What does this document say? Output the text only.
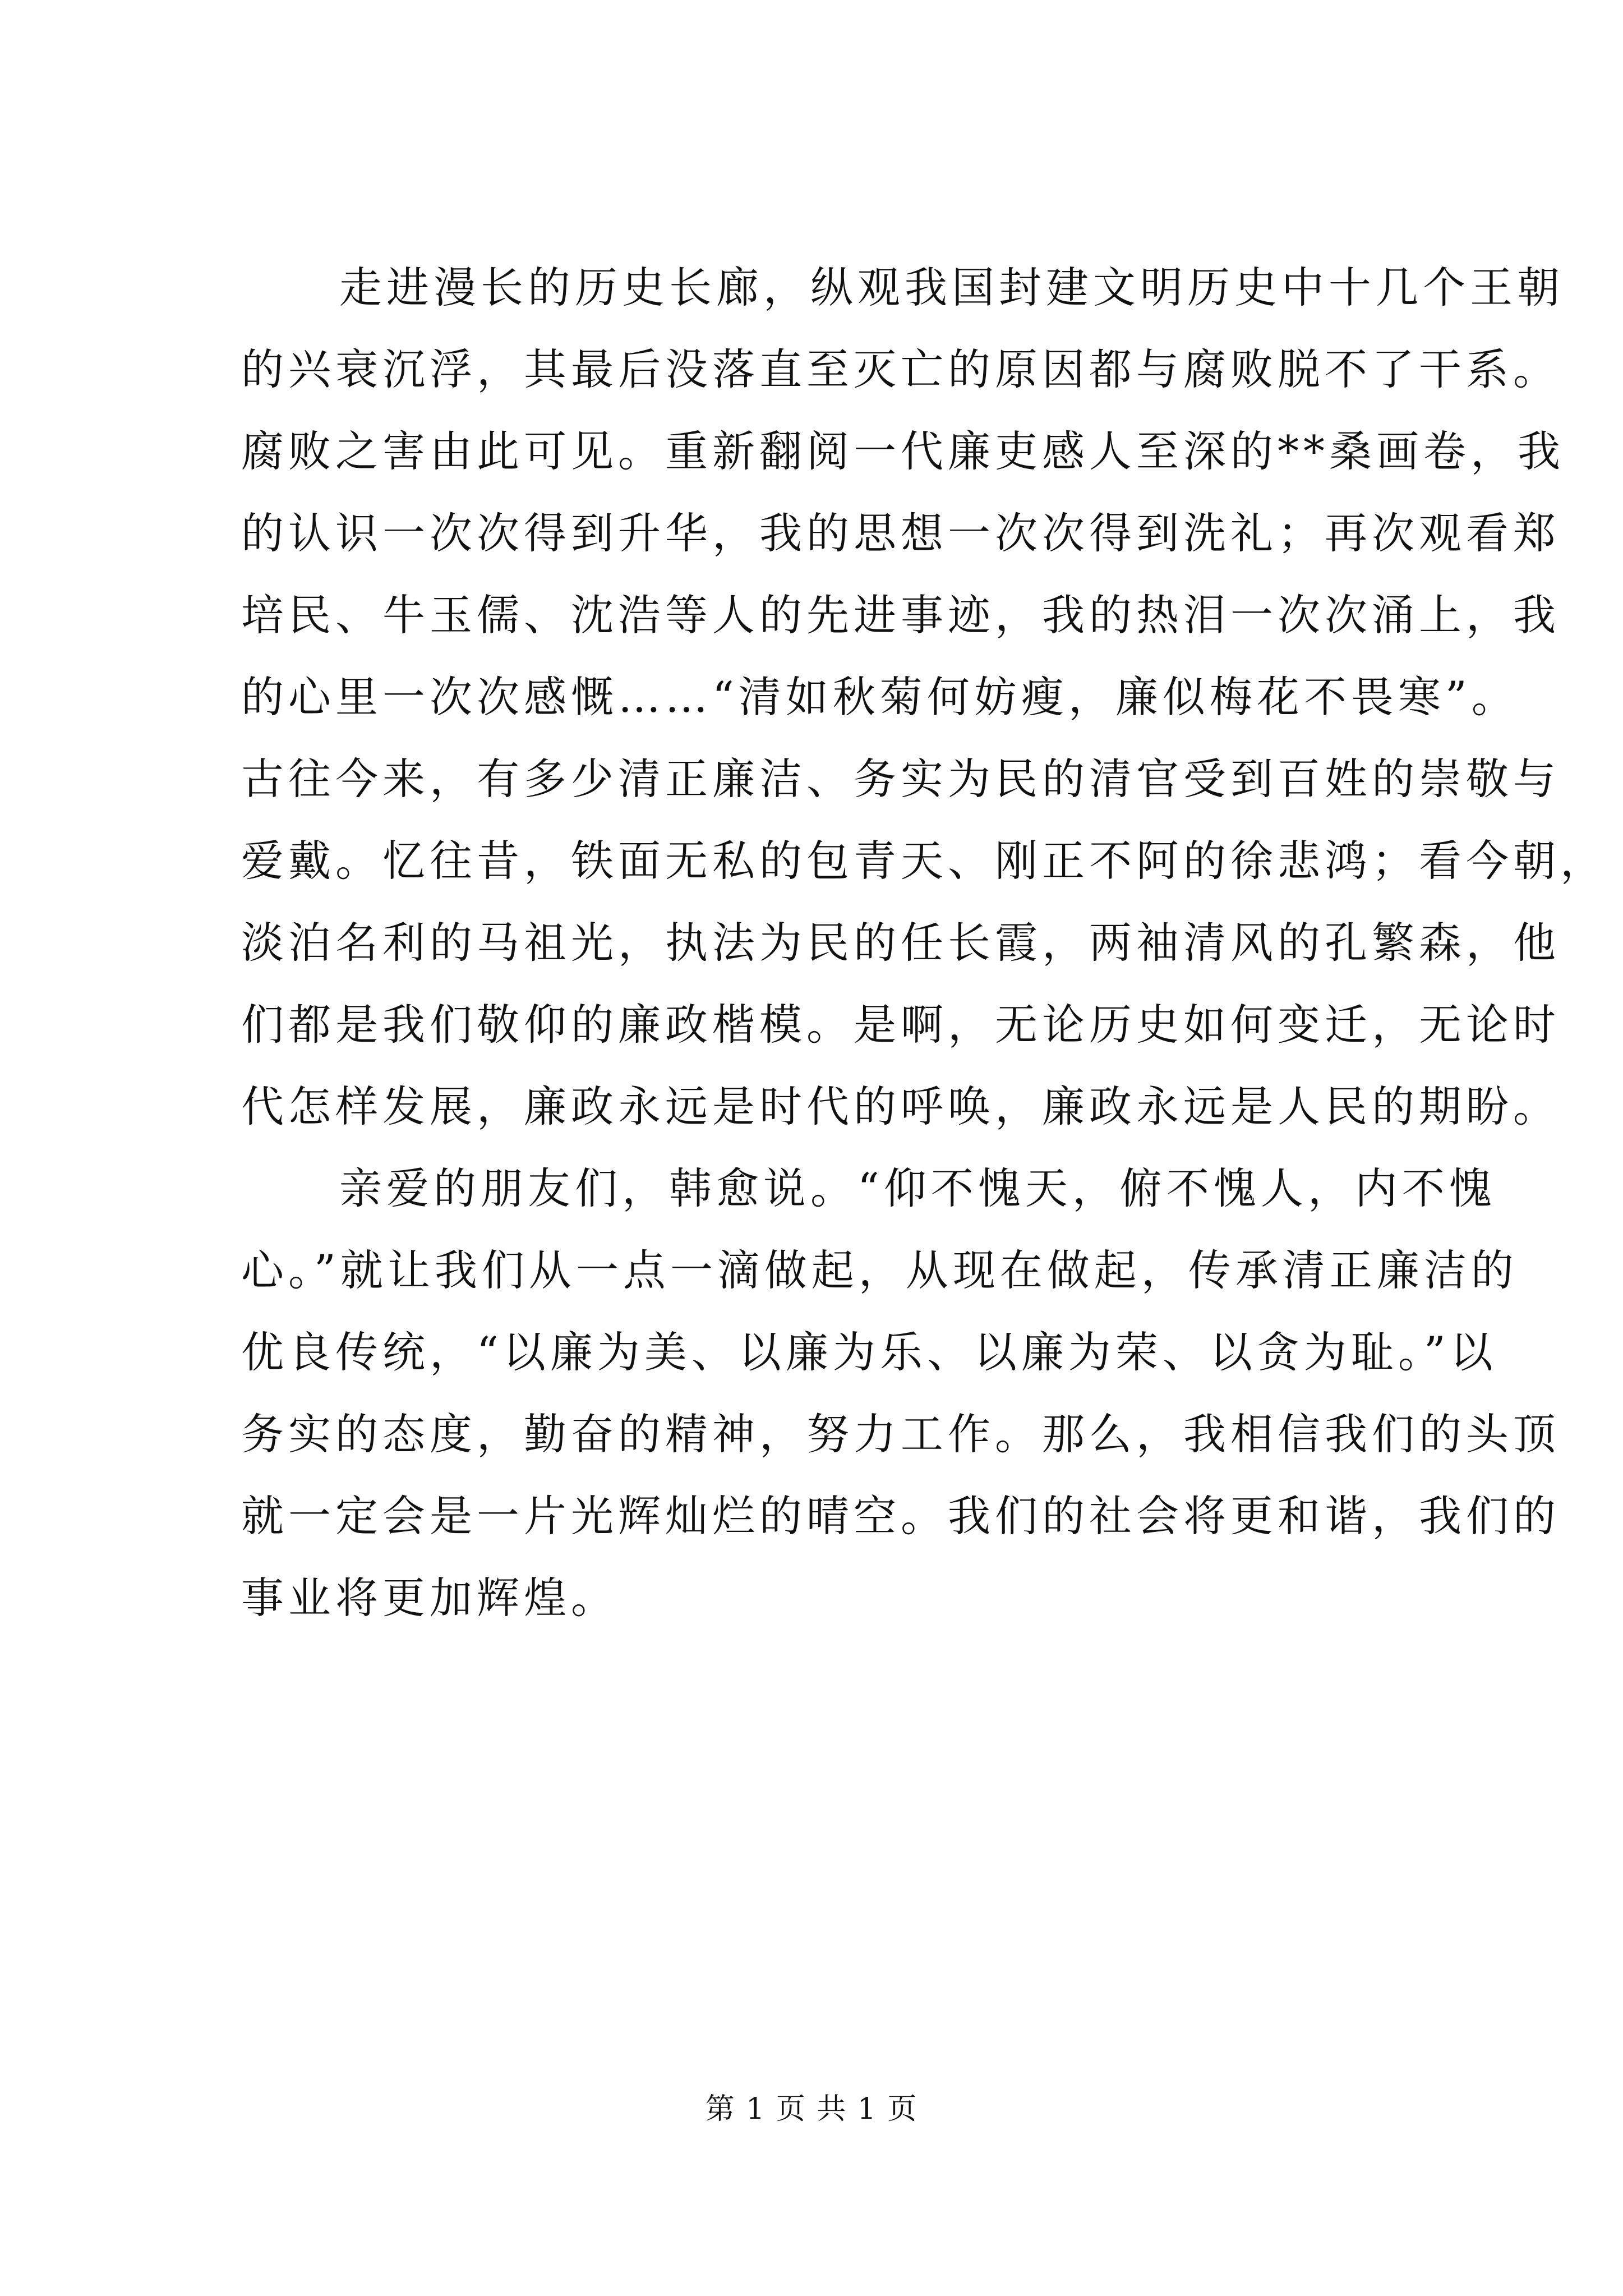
走进漫长的历史长廊，纵观我国封建文明历史中十几个王朝
的兴衰沉浮，其最后没落直至灭亡的原因都与腐败脱不了干系。
腐败之害由此可见。重新翻阅一代廉吏感人至深的**桑画卷，我
的认识一次次得到升华，我的思想一次次得到洗礼；再次观看郑
培民、牛玉儒、沈浩等人的先进事迹，我的热泪一次次涌上，我
的心里一次次感慨……“清如秋菊何妨瘦，廉似梅花不畏寒”。
古往今来，有多少清正廉洁、务实为民的清官受到百姓的崇敬与
爱戴。忆往昔，铁面无私的包青天、刚正不阿的徐悲鸿；看今朝，
淡泊名利的马祖光，执法为民的任长霞，两袖清风的孔繁森，他
们都是我们敬仰的廉政楷模。是啊，无论历史如何变迁，无论时
代怎样发展，廉政永远是时代的呼唤，廉政永远是人民的期盼。
亲爱的朋友们，韩愈说。“仰不愧天，俯不愧人，内不愧
心。”就让我们从一点一滴做起，从现在做起，传承清正廉洁的
优良传统，“以廉为美、以廉为乐、以廉为荣、以贪为耻。”以
务实的态度，勤奋的精神，努力工作。那么，我相信我们的头顶
就一定会是一片光辉灿烂的晴空。我们的社会将更和谐，我们的
事业将更加辉煌。
第 1 页 共 1 页
